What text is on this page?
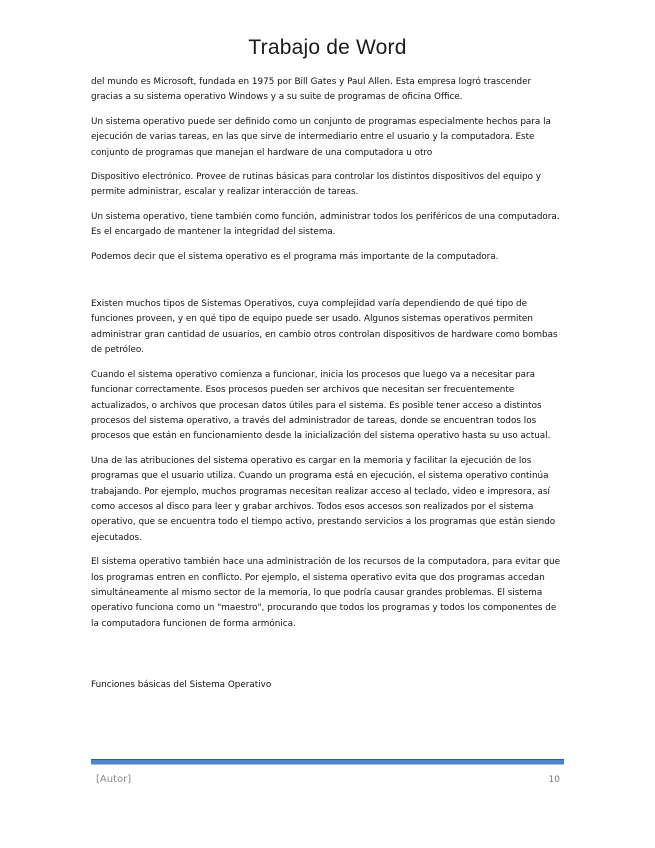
Trabajo de Word

del mundo es Microsoft, fundada en 1975 por Bill Gates y Paul Allen. Esta empresa logró trascender gracias a su sistema operativo Windows y a su suite de programas de oficina Office.

Un sistema operativo puede ser definido como un conjunto de programas especialmente hechos para la ejecución de varias tareas, en las que sirve de intermediario entre el usuario y la computadora. Este conjunto de programas que manejan el hardware de una computadora u otro

Dispositivo electrónico. Provee de rutinas básicas para controlar los distintos dispositivos del equipo y permite administrar, escalar y realizar interacción de tareas.

Un sistema operativo, tiene también como función, administrar todos los periféricos de una computadora. Es el encargado de mantener la integridad del sistema.

Podemos decir que el sistema operativo es el programa más importante de la computadora.

Existen muchos tipos de Sistemas Operativos, cuya complejidad varía dependiendo de qué tipo de funciones proveen, y en qué tipo de equipo puede ser usado. Algunos sistemas operativos permiten administrar gran cantidad de usuarios, en cambio otros controlan dispositivos de hardware como bombas de petróleo.

Cuando el sistema operativo comienza a funcionar, inicia los procesos que luego va a necesitar para funcionar correctamente. Esos procesos pueden ser archivos que necesitan ser frecuentemente actualizados, o archivos que procesan datos útiles para el sistema. Es posible tener acceso a distintos procesos del sistema operativo, a través del administrador de tareas, donde se encuentran todos los procesos que están en funcionamiento desde la inicialización del sistema operativo hasta su uso actual.

Una de las atribuciones del sistema operativo es cargar en la memoria y facilitar la ejecución de los programas que el usuario utiliza. Cuando un programa está en ejecución, el sistema operativo continúa trabajando. Por ejemplo, muchos programas necesitan realizar acceso al teclado, video e impresora, así como accesos al disco para leer y grabar archivos. Todos esos accesos son realizados por el sistema operativo, que se encuentra todo el tiempo activo, prestando servicios a los programas que están siendo ejecutados.

El sistema operativo también hace una administración de los recursos de la computadora, para evitar que los programas entren en conflicto. Por ejemplo, el sistema operativo evita que dos programas accedan simultáneamente al mismo sector de la memoria, lo que podría causar grandes problemas. El sistema operativo funciona como un "maestro", procurando que todos los programas y todos los componentes de la computadora funcionen de forma armónica.

Funciones básicas del Sistema Operativo

[Autor]	10
